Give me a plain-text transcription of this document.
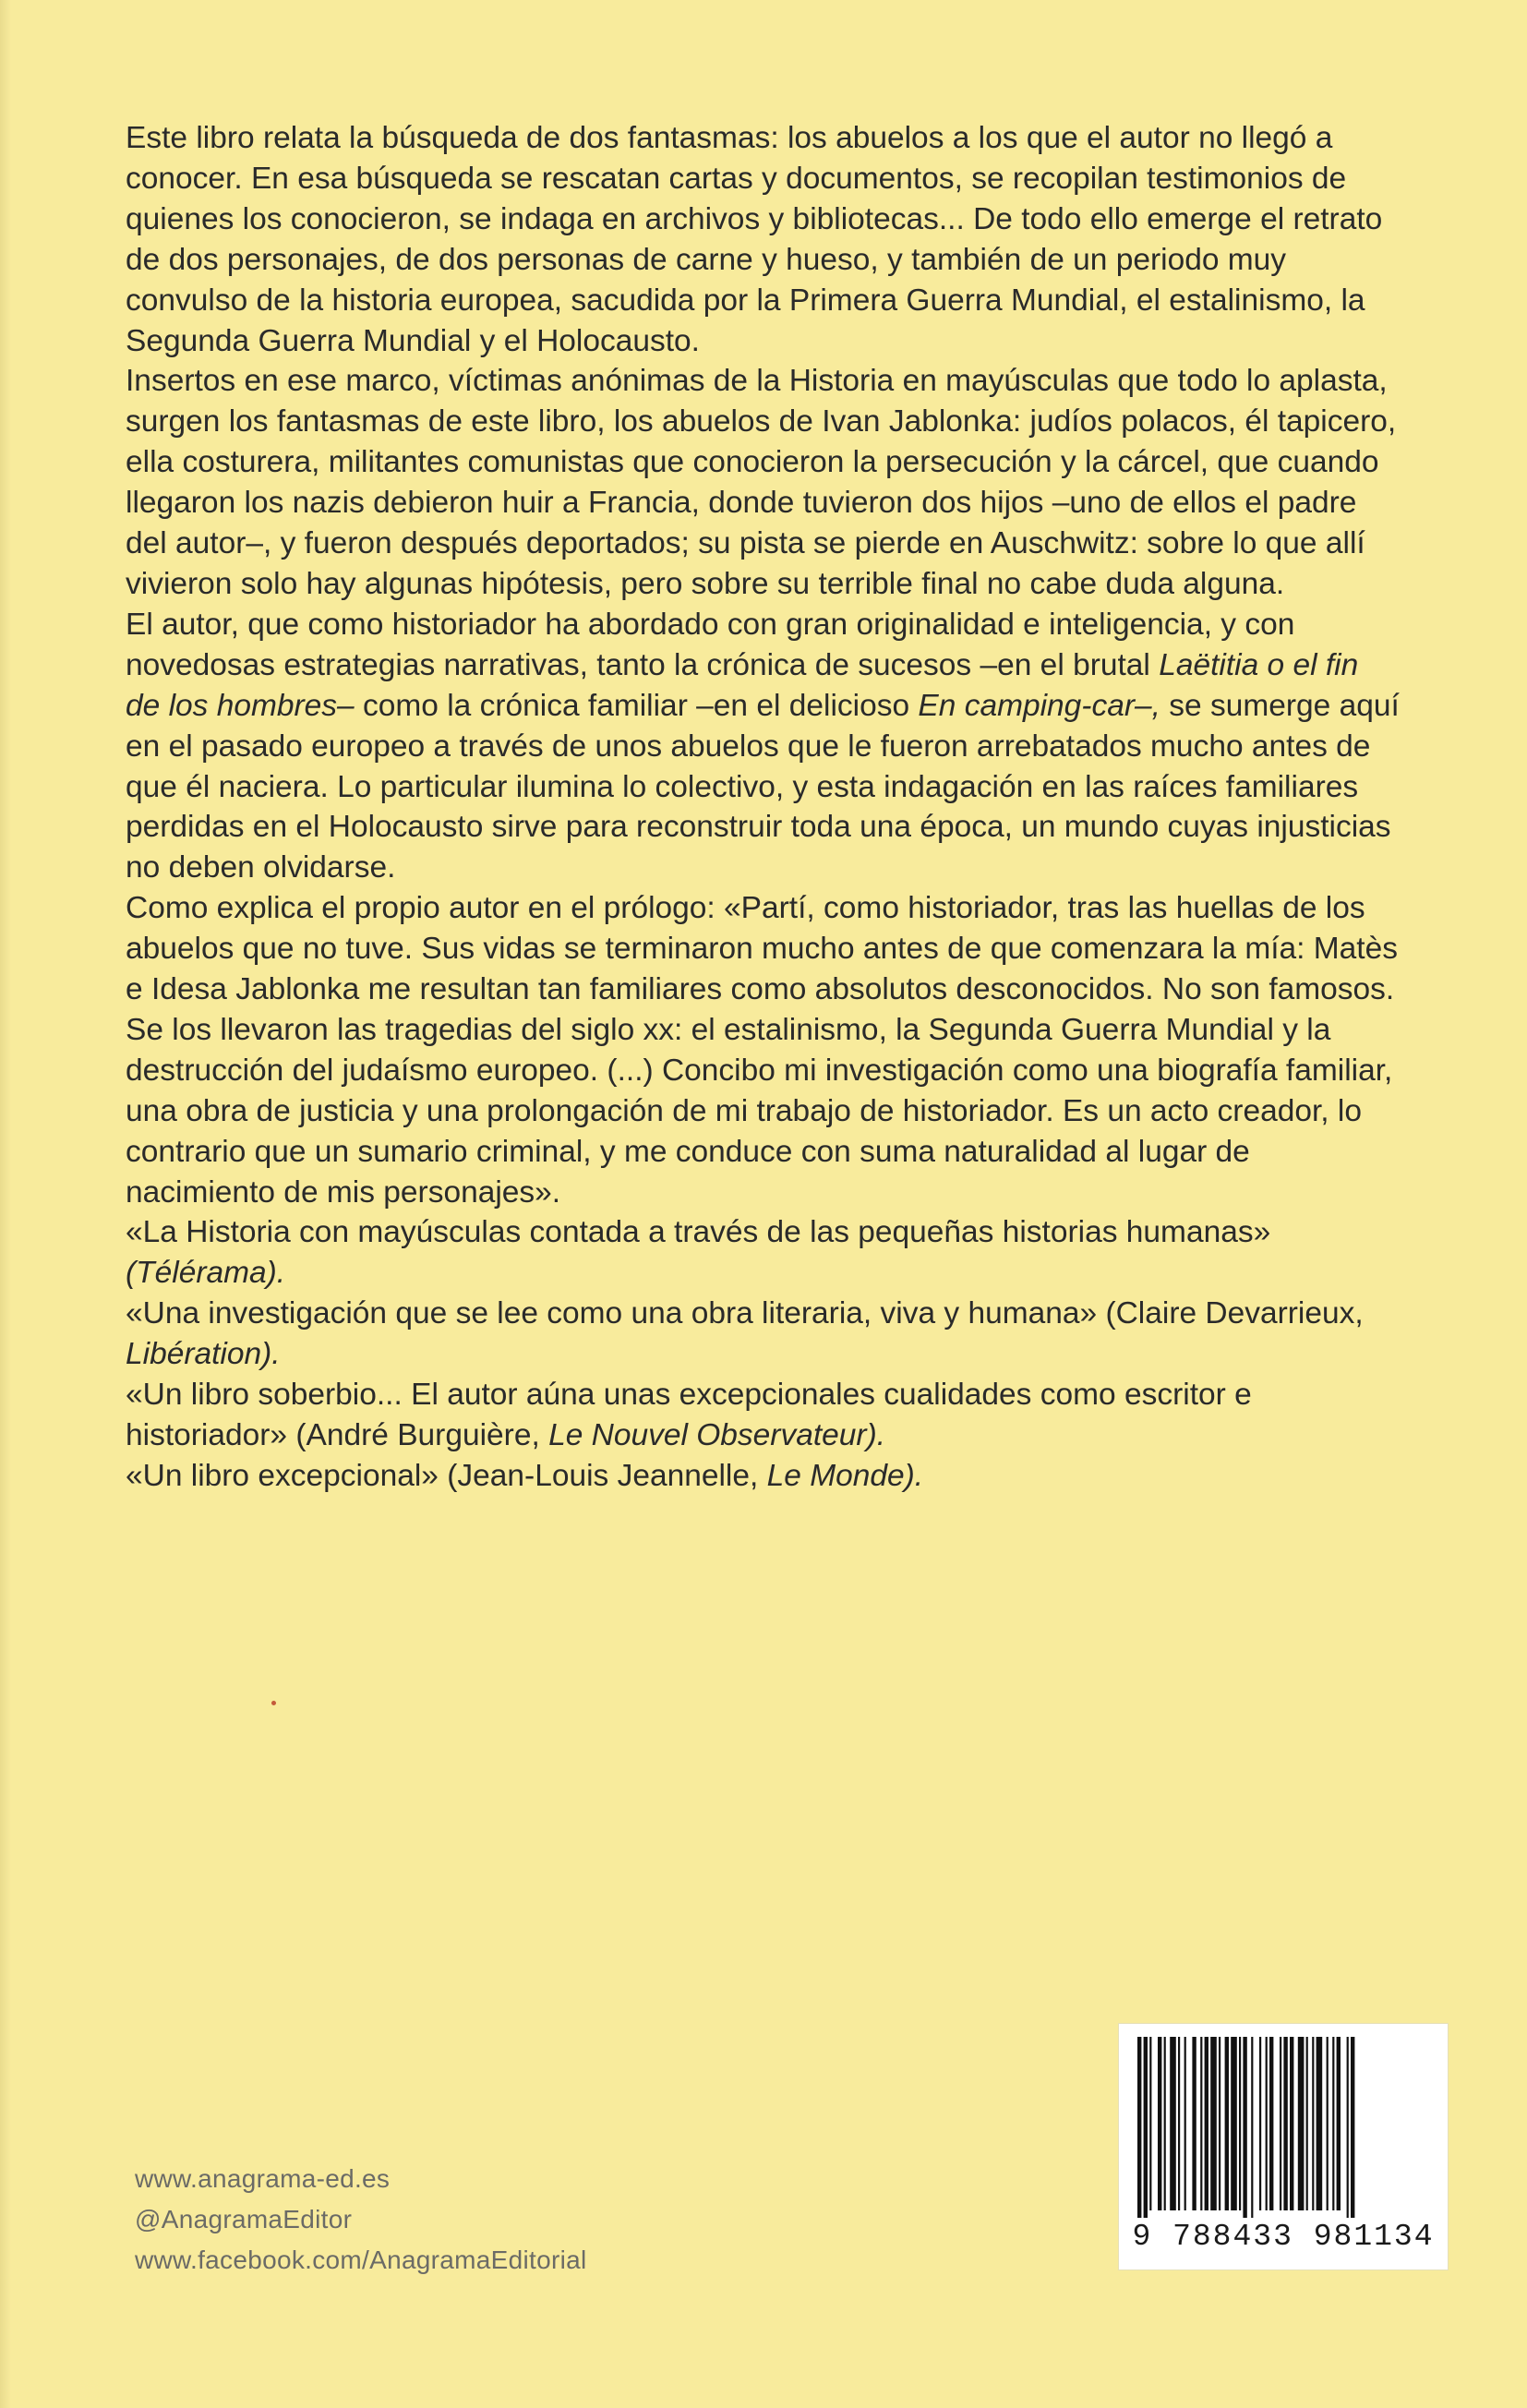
Este libro relata la búsqueda de dos fantasmas: los abuelos a los que el autor no llegó a conocer. En esa búsqueda se rescatan cartas y documentos, se recopilan testimonios de quienes los conocieron, se indaga en archivos y bibliotecas... De todo ello emerge el retrato de dos personajes, de dos personas de carne y hueso, y también de un periodo muy convulso de la historia europea, sacudida por la Primera Guerra Mundial, el estalinismo, la Segunda Guerra Mundial y el Holocausto.

Insertos en ese marco, víctimas anónimas de la Historia en mayúsculas que todo lo aplasta, surgen los fantasmas de este libro, los abuelos de Ivan Jablonka: judíos polacos, él tapicero, ella costurera, militantes comunistas que conocieron la persecución y la cárcel, que cuando llegaron los nazis debieron huir a Francia, donde tuvieron dos hijos –uno de ellos el padre del autor–, y fueron después deportados; su pista se pierde en Auschwitz: sobre lo que allí vivieron solo hay algunas hipótesis, pero sobre su terrible final no cabe duda alguna.

El autor, que como historiador ha abordado con gran originalidad e inteligencia, y con novedosas estrategias narrativas, tanto la crónica de sucesos –en el brutal Laëtitia o el fin de los hombres– como la crónica familiar –en el delicioso En camping-car–, se sumerge aquí en el pasado europeo a través de unos abuelos que le fueron arrebatados mucho antes de que él naciera. Lo particular ilumina lo colectivo, y esta indagación en las raíces familiares perdidas en el Holocausto sirve para reconstruir toda una época, un mundo cuyas injusticias no deben olvidarse.

Como explica el propio autor en el prólogo: «Partí, como historiador, tras las huellas de los abuelos que no tuve. Sus vidas se terminaron mucho antes de que comenzara la mía: Matès e Idesa Jablonka me resultan tan familiares como absolutos desconocidos. No son famosos. Se los llevaron las tragedias del siglo xx: el estalinismo, la Segunda Guerra Mundial y la destrucción del judaísmo europeo. (...) Concibo mi investigación como una biografía familiar, una obra de justicia y una prolongación de mi trabajo de historiador. Es un acto creador, lo contrario que un sumario criminal, y me conduce con suma naturalidad al lugar de nacimiento de mis personajes».

«La Historia con mayúsculas contada a través de las pequeñas historias humanas» (Télérama).

«Una investigación que se lee como una obra literaria, viva y humana» (Claire Devarrieux, Libération).

«Un libro soberbio... El autor aúna unas excepcionales cualidades como escritor e historiador» (André Burguière, Le Nouvel Observateur).

«Un libro excepcional» (Jean-Louis Jeannelle, Le Monde).

www.anagrama-ed.es
@AnagramaEditor
www.facebook.com/AnagramaEditorial
9 788433 981134
